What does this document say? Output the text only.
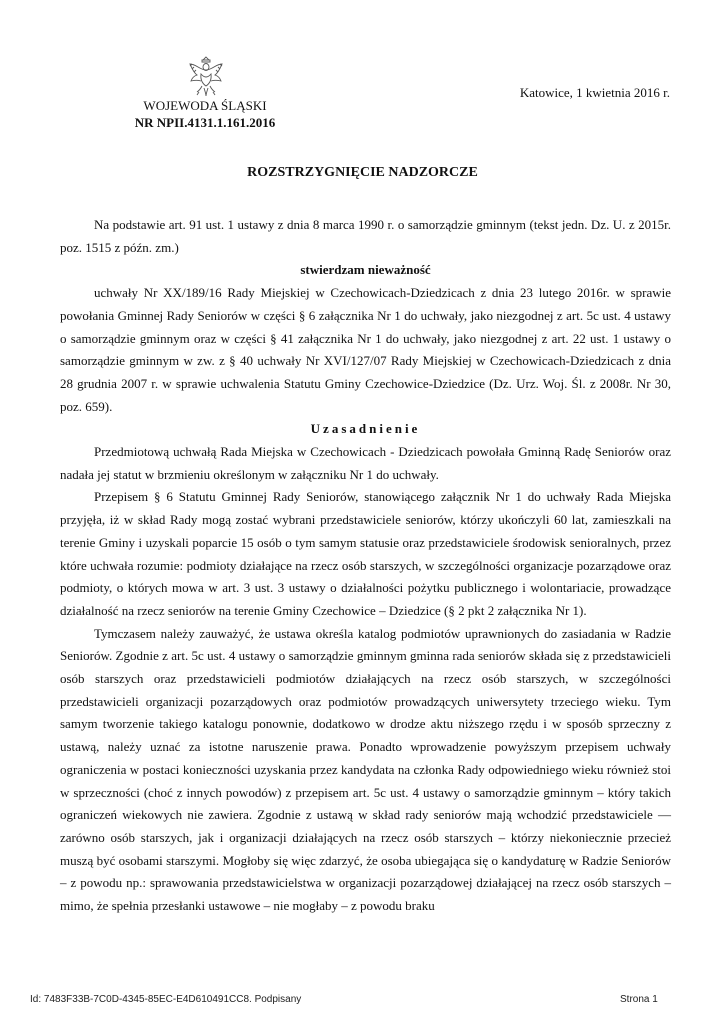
WOJEWODA ŚLĄSKI
NR NPII.4131.1.161.2016
Katowice, 1 kwietnia 2016 r.
ROZSTRZYGNIĘCIE NADZORCZE

Na podstawie art. 91 ust. 1 ustawy z dnia 8 marca 1990 r. o samorządzie gminnym (tekst jedn. Dz. U. z 2015r. poz. 1515 z późn. zm.)

stwierdzam nieważność

uchwały Nr XX/189/16 Rady Miejskiej w Czechowicach-Dziedzicach z dnia 23 lutego 2016r. w sprawie powołania Gminnej Rady Seniorów w części § 6 załącznika Nr 1 do uchwały, jako niezgodnej z art. 5c ust. 4 ustawy o samorządzie gminnym oraz w części § 41 załącznika Nr 1 do uchwały, jako niezgodnej z art. 22 ust. 1 ustawy o samorządzie gminnym w zw. z § 40 uchwały Nr XVI/127/07 Rady Miejskiej w Czechowicach-Dziedzicach z dnia 28 grudnia 2007 r. w sprawie uchwalenia Statutu Gminy Czechowice-Dziedzice (Dz. Urz. Woj. Śl. z 2008r. Nr 30, poz. 659).

Uzasadnienie

Przedmiotową uchwałą Rada Miejska w Czechowicach - Dziedzicach powołała Gminną Radę Seniorów oraz nadała jej statut w brzmieniu określonym w załączniku Nr 1 do uchwały.

Przepisem § 6 Statutu Gminnej Rady Seniorów, stanowiącego załącznik Nr 1 do uchwały Rada Miejska przyjęła, iż w skład Rady mogą zostać wybrani przedstawiciele seniorów, którzy ukończyli 60 lat, zamieszkali na terenie Gminy i uzyskali poparcie 15 osób o tym samym statusie oraz przedstawiciele środowisk senioralnych, przez które uchwała rozumie: podmioty działające na rzecz osób starszych, w szczególności organizacje pozarządowe oraz podmioty, o których mowa w art. 3 ust. 3 ustawy o działalności pożytku publicznego i wolontariacie, prowadzące działalność na rzecz seniorów na terenie Gminy Czechowice – Dziedzice (§ 2 pkt 2 załącznika Nr 1).

Tymczasem należy zauważyć, że ustawa określa katalog podmiotów uprawnionych do zasiadania w Radzie Seniorów. Zgodnie z art. 5c ust. 4 ustawy o samorządzie gminnym gminna rada seniorów składa się z przedstawicieli osób starszych oraz przedstawicieli podmiotów działających na rzecz osób starszych, w szczególności przedstawicieli organizacji pozarządowych oraz podmiotów prowadzących uniwersytety trzeciego wieku. Tym samym tworzenie takiego katalogu ponownie, dodatkowo w drodze aktu niższego rzędu i w sposób sprzeczny z ustawą, należy uznać za istotne naruszenie prawa. Ponadto wprowadzenie powyższym przepisem uchwały ograniczenia w postaci konieczności uzyskania przez kandydata na członka Rady odpowiedniego wieku również stoi w sprzeczności (choć z innych powodów) z przepisem art. 5c ust. 4 ustawy o samorządzie gminnym – który takich ograniczeń wiekowych nie zawiera. Zgodnie z ustawą w skład rady seniorów mają wchodzić przedstawiciele — zarówno osób starszych, jak i organizacji działających na rzecz osób starszych – którzy niekoniecznie przecież muszą być osobami starszymi. Mogłoby się więc zdarzyć, że osoba ubiegająca się o kandydaturę w Radzie Seniorów – z powodu np.: sprawowania przedstawicielstwa w organizacji pozarządowej działającej na rzecz osób starszych – mimo, że spełnia przesłanki ustawowe – nie mogłaby – z powodu braku

Id: 7483F33B-7C0D-4345-85EC-E4D610491CC8. Podpisany	Strona 1
